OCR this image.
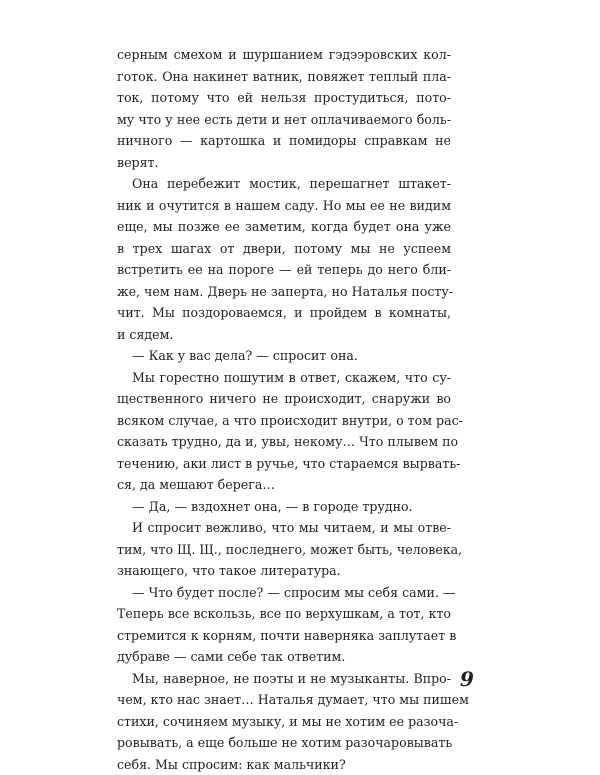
серным смехом и шуршанием гэдээровских кол-
готок. Она накинет ватник, повяжет теплый пла-
ток, потому что ей нельзя простудиться, пото-
му что у нее есть дети и нет оплачиваемого боль-
ничного — картошка и помидоры справкам не
верят.
Она перебежит мостик, перешагнет штакет-
ник и очутится в нашем саду. Но мы ее не видим
еще, мы позже ее заметим, когда будет она уже
в трех шагах от двери, потому мы не успеем
встретить ее на пороге — ей теперь до него бли-
же, чем нам. Дверь не заперта, но Наталья посту-
чит. Мы поздороваемся, и пройдем в комнаты,
и сядем.
— Как у вас дела? — спросит она.
Мы горестно пошутим в ответ, скажем, что су-
щественного ничего не происходит, снаружи во
всяком случае, а что происходит внутри, о том рас-
сказать трудно, да и, увы, некому… Что плывем по
течению, аки лист в ручье, что стараемся вырвать-
ся, да мешают берега…
— Да, — вздохнет она, — в городе трудно.
И спросит вежливо, что мы читаем, и мы отве-
тим, что Щ. Щ., последнего, может быть, человека,
знающего, что такое литература.
— Что будет после? — спросим мы себя сами. —
Теперь все вскользь, все по верхушкам, а тот, кто
стремится к корням, почти наверняка заплутает в
дубраве — сами себе так ответим.
Мы, наверное, не поэты и не музыканты. Впро-
чем, кто нас знает… Наталья думает, что мы пишем
стихи, сочиняем музыку, и мы не хотим ее разоча-
ровывать, а еще больше не хотим разочаровывать
себя. Мы спросим: как мальчики?
9
